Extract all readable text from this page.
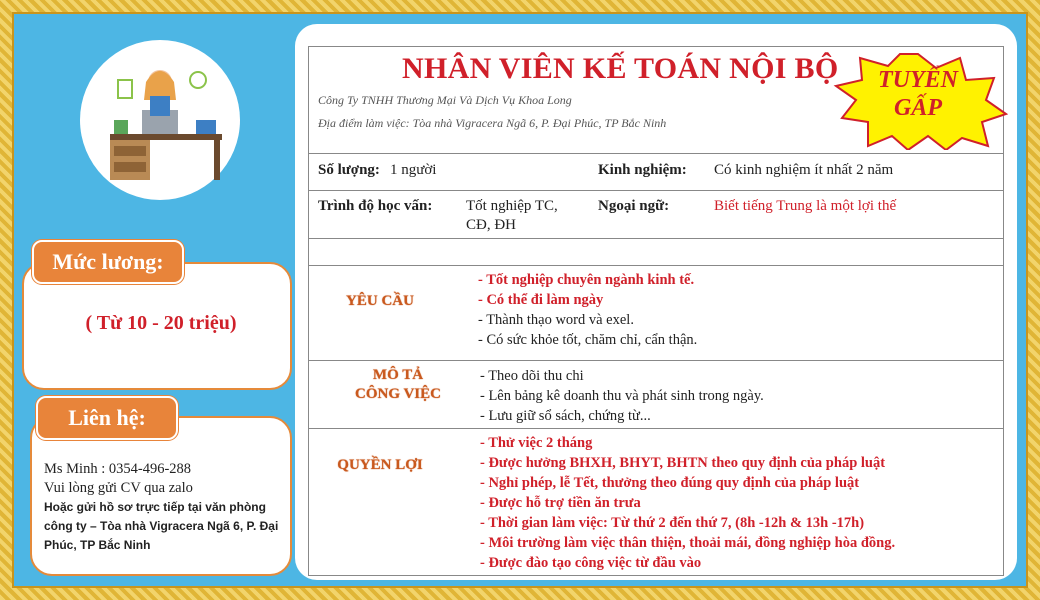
Mức lương:
( Từ 10 - 20 triệu)
Liên hệ:
Ms Minh : 0354-496-288
Vui lòng gửi CV qua zalo
Hoặc gửi hồ sơ trực tiếp tại văn phòng công ty – Tòa nhà Vigracera Ngã 6, P. Đại Phúc, TP Bắc Ninh
NHÂN VIÊN KẾ TOÁN NỘI BỘ
Công Ty TNHH Thương Mại Và Dịch Vụ Khoa Long
Địa điểm làm việc: Tòa nhà Vigracera Ngã 6, P. Đại Phúc, TP Bắc Ninh
TUYỂN
GẤP
Số lượng: 1 người	Kinh nghiệm: Có kinh nghiệm ít nhất 2 năm
Trình độ học vấn: Tốt nghiệp TC,
CĐ, ĐH
Ngoại ngữ:	Biết tiếng Trung là một lợi thế
YÊU CẦU
- Tốt nghiệp chuyên ngành kinh tế.
- Có thể đi làm ngày
- Thành thạo word và exel.
- Có sức khỏe tốt, chăm chỉ, cẩn thận.
MÔ TẢ
CÔNG VIỆC
- Theo dõi thu chi
- Lên bảng kê doanh thu và phát sinh trong ngày.
- Lưu giữ sổ sách, chứng từ...
QUYỀN LỢI
- Thử việc 2 tháng
- Được hưởng BHXH, BHYT, BHTN theo quy định của pháp luật
- Nghỉ phép, lễ Tết, thưởng theo đúng quy định của pháp luật
- Được hỗ trợ tiền ăn trưa
- Thời gian làm việc: Từ thứ 2 đến thứ 7, (8h -12h & 13h -17h)
- Môi trường làm việc thân thiện, thoải mái, đồng nghiệp hòa đồng.
- Được đào tạo công việc từ đầu vào
